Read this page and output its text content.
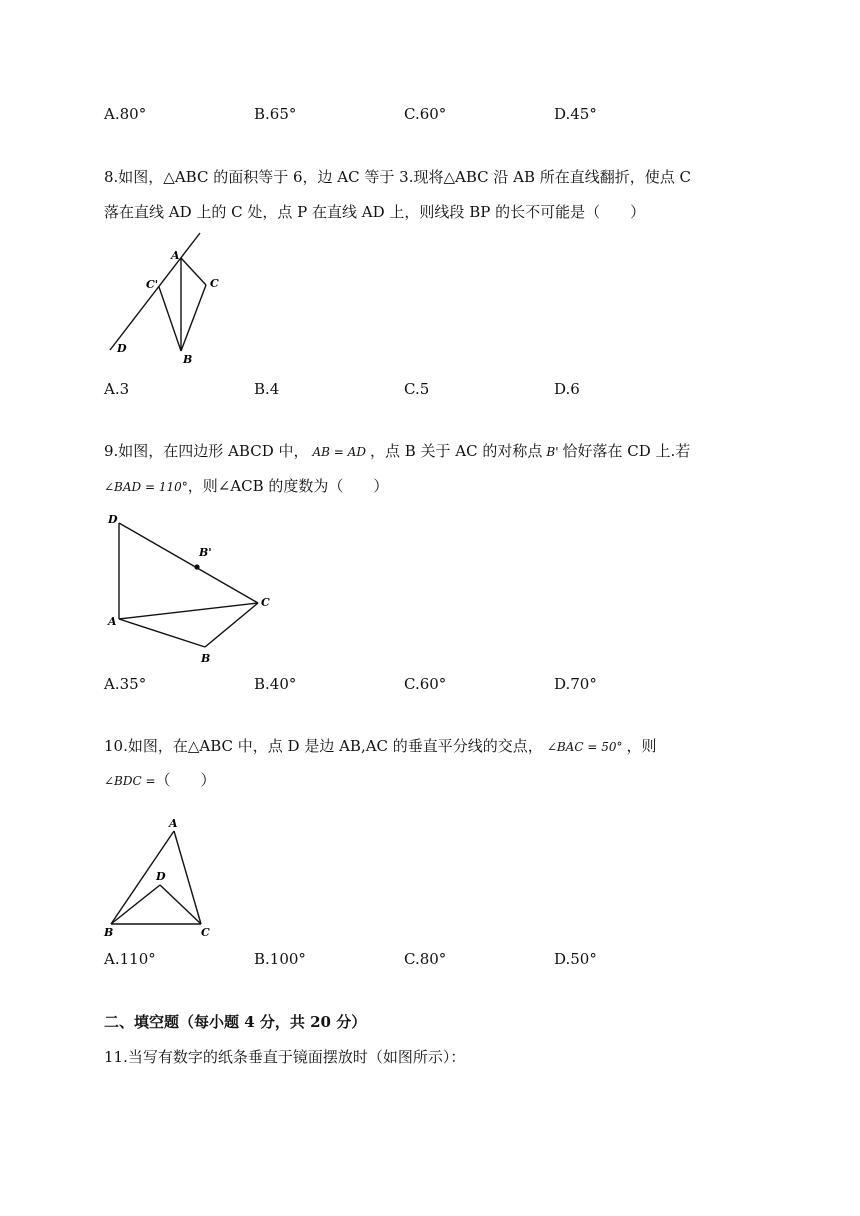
A.80°	B.65°	C.60°	D.45°
8.如图，△ABC 的面积等于 6，边 AC 等于 3.现将△ABC 沿 AB 所在直线翻折，使点 C
落在直线 AD 上的 C 处，点 P 在直线 AD 上，则线段 BP 的长不可能是（　　）
A
C'	C
D
B
A.3	B.4	C.5	D.6
9.如图，在四边形 ABCD 中， AB = AD ，点 B 关于 AC 的对称点 B' 恰好落在 CD 上.若
∠BAD = 110°，则∠ACB 的度数为（　　）
D
B'
C
A
B
A.35°	B.40°	C.60°	D.70°
10.如图，在△ABC 中，点 D 是边 AB,AC 的垂直平分线的交点， ∠BAC = 50° ，则
∠BDC =（　　）
A
D
B	C
A.110°	B.100°	C.80°	D.50°
二、填空题（每小题 4 分，共 20 分）
11.当写有数字的纸条垂直于镜面摆放时（如图所示）：
